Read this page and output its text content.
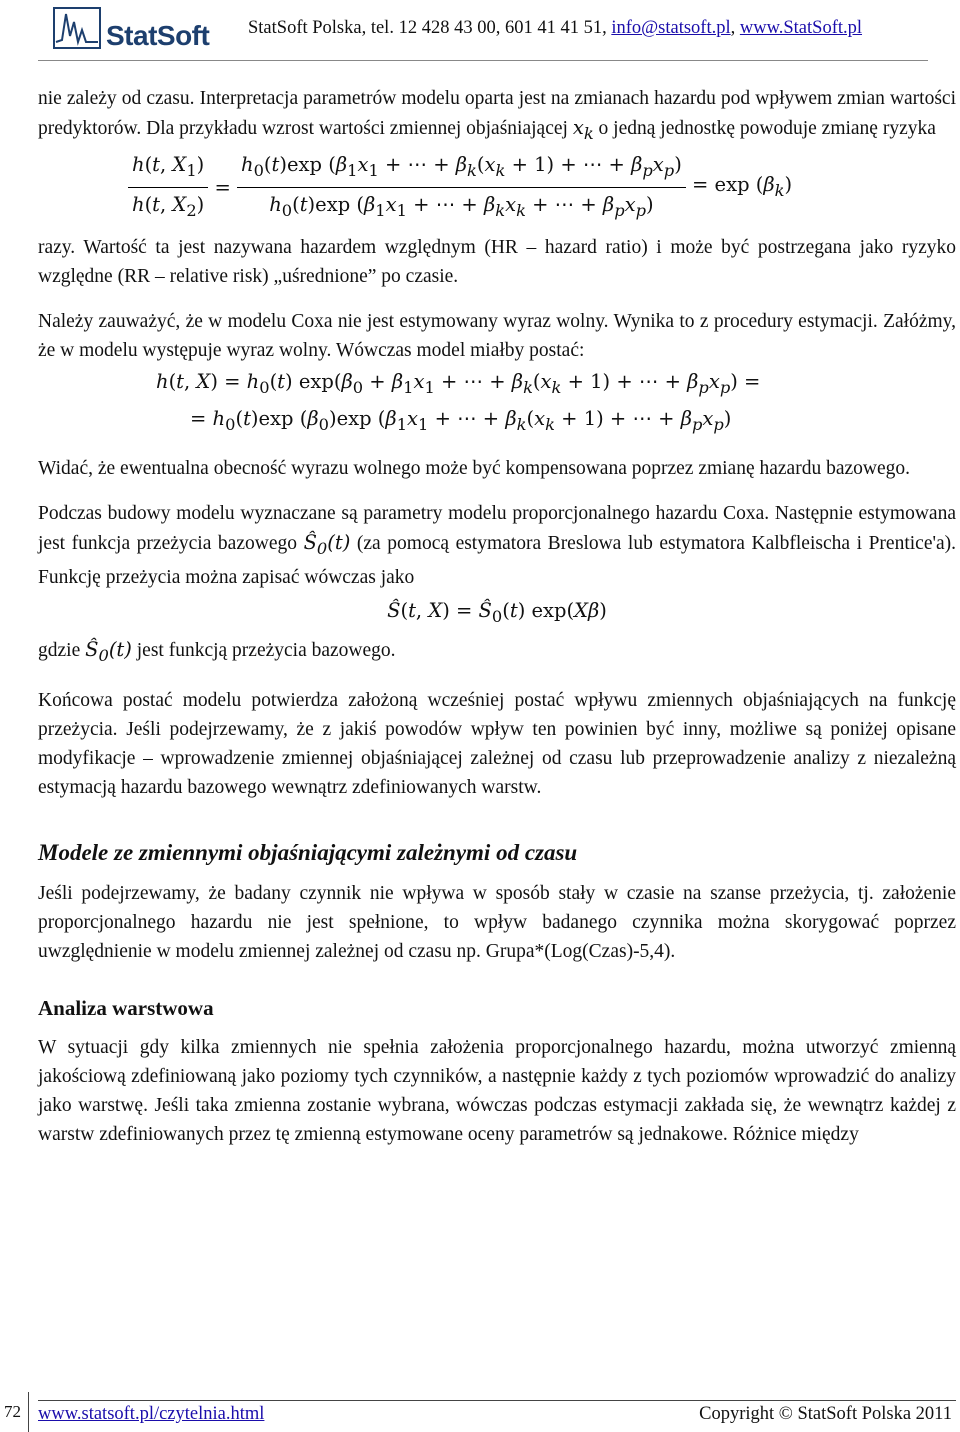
StatSoft StatSoft Polska, tel. 12 428 43 00, 601 41 41 51, info@statsoft.pl, www.StatSoft.pl

nie zależy od czasu. Interpretacja parametrów modelu oparta jest na zmianach hazardu pod wpływem zmian wartości predyktorów. Dla przykładu wzrost wartości zmiennej objaśniającej $x_k$ o jedną jednostkę powoduje zmianę ryzyka

$\frac{h(t, X_1)}{h(t, X_2)} = \frac{h_0(t)\exp (\beta_1x_1 + \cdots + \beta_k(x_k + 1) + \cdots + \beta_px_p)}{h_0(t)\exp (\beta_1x_1 + \cdots + \beta_kx_k + \cdots + \beta_px_p)} = \exp (\beta_k)$

razy. Wartość ta jest nazywana hazardem względnym (HR – hazard ratio) i może być postrzegana jako ryzyko względne (RR – relative risk) „uśrednione” po czasie.

Należy zauważyć, że w modelu Coxa nie jest estymowany wyraz wolny. Wynika to z procedury estymacji. Załóżmy, że w modelu występuje wyraz wolny. Wówczas model miałby postać:

h(t, $X) = h_0(t) \exp(\beta_0 + \beta_1x_1$ + ⋯ + $\beta_k(x_k + 1)$ + ⋯ + $\beta_px_p$) =
= $h_0(t)\exp$ $(\beta_0)\exp$ ($\beta_1x_1$ + ⋯ + $\beta_k(x_k + 1)$ + ⋯ + $\beta_px_p$)

Widać, że ewentualna obecność wyrazu wolnego może być kompensowana poprzez zmianę hazardu bazowego.

Podczas budowy modelu wyznaczane są parametry modelu proporcjonalnego hazardu Coxa. Następnie estymowana jest funkcja przeżycia bazowego $Ŝ_0(t)$ (za pomocą estymatora Breslowa lub estymatora Kalbfleischa i Prentice'a). Funkcję przeżycia można zapisać wówczas jako

Ŝ(t, $X) = Ŝ_0(t)$ exp(Xβ)

gdzie $Ŝ_0(t)$ jest funkcją przeżycia bazowego.

Końcowa postać modelu potwierdza założoną wcześniej postać wpływu zmiennych objaśniających na funkcję przeżycia. Jeśli podejrzewamy, że z jakiś powodów wpływ ten powinien być inny, możliwe są poniżej opisane modyfikacje – wprowadzenie zmiennej objaśniającej zależnej od czasu lub przeprowadzenie analizy z niezależną estymacją hazardu bazowego wewnątrz zdefiniowanych warstw.

Modele ze zmiennymi objaśniającymi zależnymi od czasu

Jeśli podejrzewamy, że badany czynnik nie wpływa w sposób stały w czasie na szanse przeżycia, tj. założenie proporcjonalnego hazardu nie jest spełnione, to wpływ badanego czynnika można skorygować poprzez uwzględnienie w modelu zmiennej zależnej od czasu np. Grupa*(Log(Czas)-5,4).

Analiza warstwowa

W sytuacji gdy kilka zmiennych nie spełnia założenia proporcjonalnego hazardu, można utworzyć zmienną jakościową zdefiniowaną jako poziomy tych czynników, a następnie każdy z tych poziomów wprowadzić do analizy jako warstwę. Jeśli taka zmienna zostanie wybrana, wówczas podczas estymacji zakłada się, że wewnątrz każdej z warstw zdefiniowanych przez tę zmienną estymowane oceny parametrów są jednakowe. Różnice między

72 www.statsoft.pl/czytelnia.html	Copyright © StatSoft Polska 2011
